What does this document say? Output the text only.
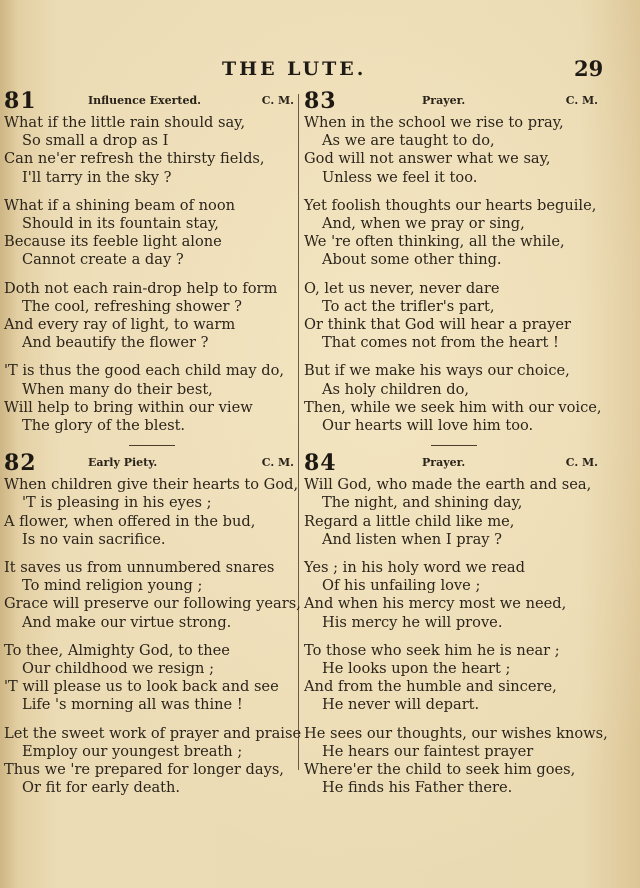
THE LUTE.	29
81	Influence Exerted.	C. M.
What if the little rain should say,
So small a drop as I
Can ne'er refresh the thirsty fields,
I'll tarry in the sky ?
What if a shining beam of noon
Should in its fountain stay,
Because its feeble light alone
Cannot create a day ?
Doth not each rain-drop help to form
The cool, refreshing shower ?
And every ray of light, to warm
And beautify the flower ?
'T is thus the good each child may do,
When many do their best,
Will help to bring within our view
The glory of the blest.
82	Early Piety.	C. M.
When children give their hearts to God,
'T is pleasing in his eyes ;
A flower, when offered in the bud,
Is no vain sacrifice.
It saves us from unnumbered snares
To mind religion young ;
Grace will preserve our following years,
And make our virtue strong.
To thee, Almighty God, to thee
Our childhood we resign ;
'T will please us to look back and see
Life 's morning all was thine !
Let the sweet work of prayer and praise
Employ our youngest breath ;
Thus we 're prepared for longer days,
Or fit for early death.
83	Prayer.	C. M.
When in the school we rise to pray,
As we are taught to do,
God will not answer what we say,
Unless we feel it too.
Yet foolish thoughts our hearts beguile,
And, when we pray or sing,
We 're often thinking, all the while,
About some other thing.
O, let us never, never dare
To act the trifler's part,
Or think that God will hear a prayer
That comes not from the heart !
But if we make his ways our choice,
As holy children do,
Then, while we seek him with our voice,
Our hearts will love him too.
84	Prayer.	C. M.
Will God, who made the earth and sea,
The night, and shining day,
Regard a little child like me,
And listen when I pray ?
Yes ; in his holy word we read
Of his unfailing love ;
And when his mercy most we need,
His mercy he will prove.
To those who seek him he is near ;
He looks upon the heart ;
And from the humble and sincere,
He never will depart.
He sees our thoughts, our wishes knows,
He hears our faintest prayer
Where'er the child to seek him goes,
He finds his Father there.
